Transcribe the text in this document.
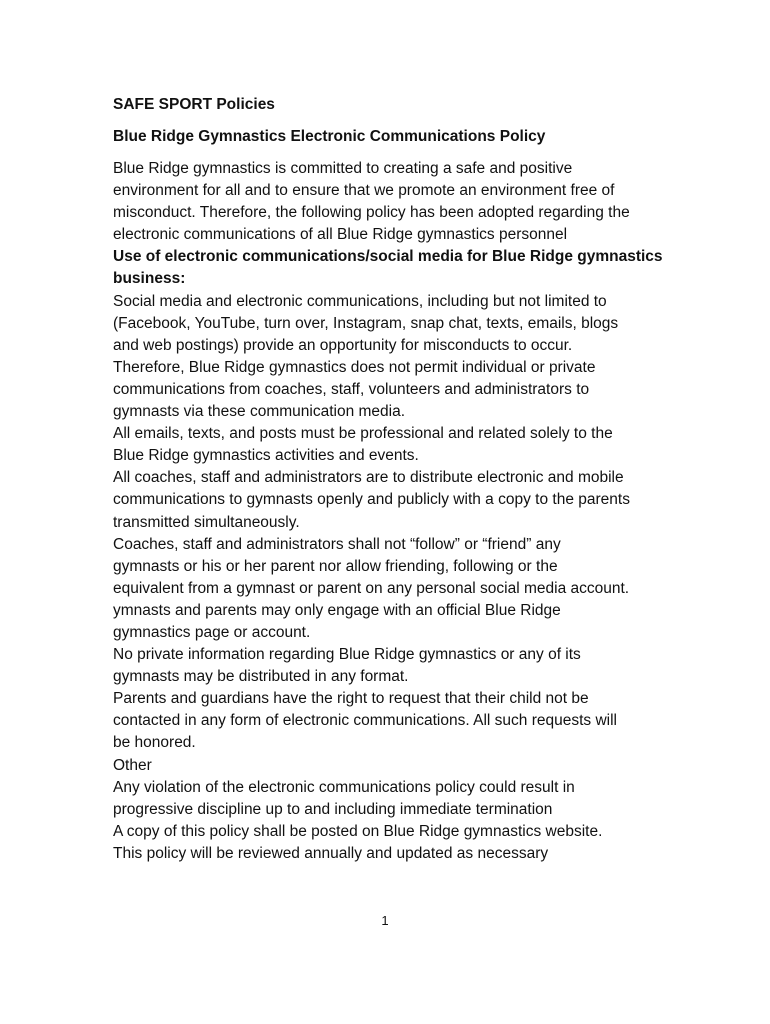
SAFE SPORT Policies

Blue Ridge Gymnastics Electronic Communications Policy

Blue Ridge gymnastics is committed to creating a safe and positive
environment for all and to ensure that we promote an environment free of
misconduct. Therefore, the following policy has been adopted regarding the
electronic communications of all Blue Ridge gymnastics personnel
Use of electronic communications/social media for Blue Ridge gymnastics
business:
Social media and electronic communications, including but not limited to
(Facebook, YouTube, turn over, Instagram, snap chat, texts, emails, blogs
and web postings) provide an opportunity for misconducts to occur.
Therefore, Blue Ridge gymnastics does not permit individual or private
communications from coaches, staff, volunteers and administrators to
gymnasts via these communication media.
All emails, texts, and posts must be professional and related solely to the
Blue Ridge gymnastics activities and events.
All coaches, staff and administrators are to distribute electronic and mobile
communications to gymnasts openly and publicly with a copy to the parents
transmitted simultaneously.
Coaches, staff and administrators shall not “follow” or “friend” any
gymnasts or his or her parent nor allow friending, following or the
equivalent from a gymnast or parent on any personal social media account.
ymnasts and parents may only engage with an official Blue Ridge
gymnastics page or account.
No private information regarding Blue Ridge gymnastics or any of its
gymnasts may be distributed in any format.
Parents and guardians have the right to request that their child not be
contacted in any form of electronic communications. All such requests will
be honored.
Other
Any violation of the electronic communications policy could result in
progressive discipline up to and including immediate termination
A copy of this policy shall be posted on Blue Ridge gymnastics website.
This policy will be reviewed annually and updated as necessary
1
